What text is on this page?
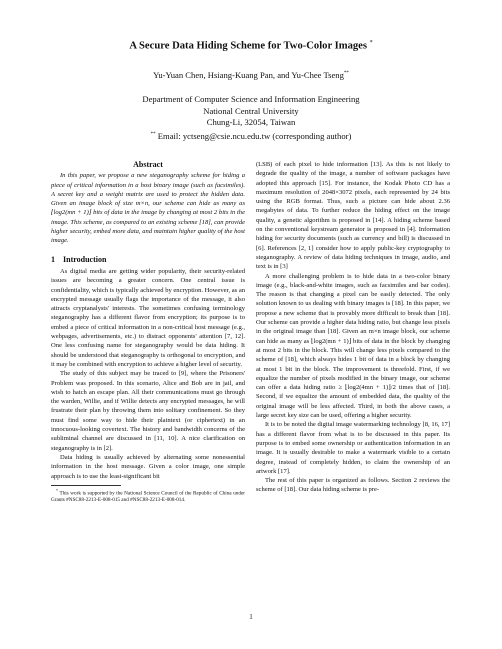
A Secure Data Hiding Scheme for Two-Color Images *
Yu-Yuan Chen, Hsiang-Kuang Pan, and Yu-Chee Tseng**
Department of Computer Science and Information Engineering
National Central University
Chung-Li, 32054, Taiwan
** Email: yctseng@csie.ncu.edu.tw (corresponding author)
Abstract

In this paper, we propose a new steganography scheme for hiding a piece of critical information in a host binary image (such as facsimiles). A secret key and a weight matrix are used to protect the hidden data. Given an image block of size m×n, our scheme can hide as many as ⌊log2(mn + 1)⌋ bits of data in the image by changing at most 2 bits in the image. This scheme, as compared to an existing scheme [18], can provide higher security, embed more data, and maintain higher quality of the host image.

1 Introduction

As digital media are getting wider popularity, their security-related issues are becoming a greater concern. One central issue is confidentiality, which is typically achieved by encryption. However, as an encrypted message usually flags the importance of the message, it also attracts cryptanalysts' interests. The sometimes confusing terminology steganography has a different flavor from encryption; its purpose is to embed a piece of critical information in a non-critical host message (e.g., webpages, advertisements, etc.) to distract opponents' attention [7, 12]. One less confusing name for steganography would be data hiding. It should be understood that steganography is orthogonal to encryption, and it may be combined with encryption to achieve a higher level of security.

The study of this subject may be traced to [9], where the Prisoners' Problem was proposed. In this scenario, Alice and Bob are in jail, and wish to hatch an escape plan. All their communications must go through the warden, Willie, and if Willie detects any encrypted messages, he will frustrate their plan by throwing them into solitary confinement. So they must find some way to hide their plaintext (or ciphertext) in an innocuous-looking covertext. The history and bandwidth concerns of the subliminal channel are discussed in [11, 10]. A nice clarification on steganography is in [2].

Data hiding is usually achieved by alternating some nonessential information in the host message. Given a color image, one simple approach is to use the least-significant bit

* This work is supported by the National Science Council of the Republic of China under Grants #NSC88-2213-E-008-015 and #NSC88-2213-E-008-014.

(LSB) of each pixel to hide information [13]. As this is not likely to degrade the quality of the image, a number of software packages have adopted this approach [15]. For instance, the Kodak Photo CD has a maximum resolution of 2048×3072 pixels, each represented by 24 bits using the RGB format. Thus, such a picture can hide about 2.36 megabytes of data. To further reduce the hiding effect on the image quality, a genetic algorithm is proposed in [14]. A hiding scheme based on the conventional keystream generator is proposed in [4]. Information hiding for security documents (such as currency and bill) is discussed in [6]. References [2, 1] consider how to apply public-key cryptography to steganography. A review of data hiding techniques in image, audio, and text is in [3]

A more challenging problem is to hide data in a two-color binary image (e.g., black-and-white images, such as facsimiles and bar codes). The reason is that changing a pixel can be easily detected. The only solution known to us dealing with binary images is [18]. In this paper, we propose a new scheme that is provably more difficult to break than [18]. Our scheme can provide a higher data hiding ratio, but change less pixels in the original image than [18]. Given an m×n image block, our scheme can hide as many as ⌊log2(mn + 1)⌋ bits of data in the block by changing at most 2 bits in the block. This will change less pixels compared to the scheme of [18], which always hides 1 bit of data in a block by changing at most 1 bit in the block. The improvement is threefold. First, if we equalize the number of pixels modified in the binary image, our scheme can offer a data hiding ratio ≥ ⌊log2(4mn + 1)⌋/2 times that of [18]. Second, if we equalize the amount of embedded data, the quality of the original image will be less affected. Third, in both the above cases, a large secret key size can be used, offering a higher security.

It is to be noted the digital image watermarking technology [8, 16, 17] has a different flavor from what is to be discussed in this paper. Its purpose is to embed some ownership or authentication information in an image. It is usually desirable to make a watermark visible to a certain degree, instead of completely hidden, to claim the ownership of an artwork [17].

The rest of this paper is organized as follows. Section 2 reviews the scheme of [18]. Our data hiding scheme is pre-

1
